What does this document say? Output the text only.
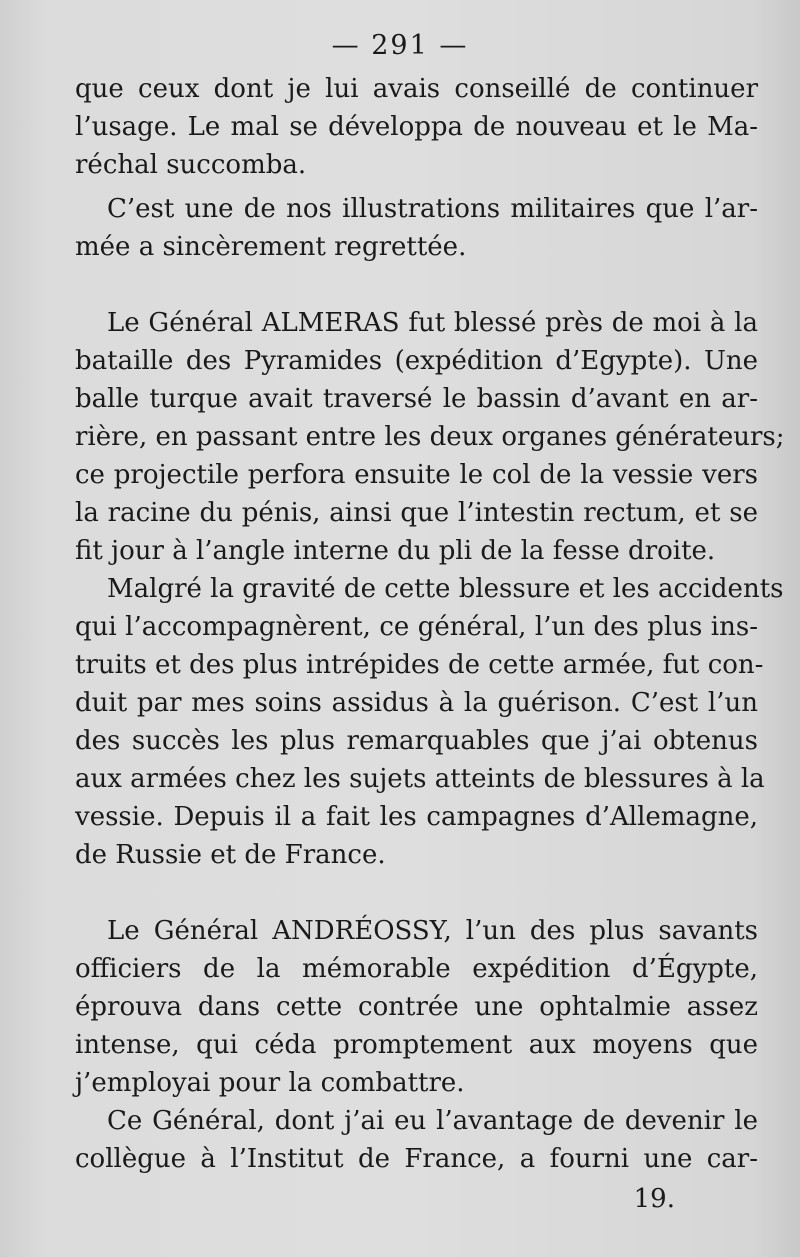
— 291 —
que ceux dont je lui avais conseillé de continuer
l’usage. Le mal se développa de nouveau et le Ma-
réchal succomba.
C’est une de nos illustrations militaires que l’ar-
mée a sincèrement regrettée.
Le Général ALMERAS fut blessé près de moi à la
bataille des Pyramides (expédition d’Egypte). Une
balle turque avait traversé le bassin d’avant en ar-
rière, en passant entre les deux organes générateurs;
ce projectile perfora ensuite le col de la vessie vers
la racine du pénis, ainsi que l’intestin rectum, et se
fit jour à l’angle interne du pli de la fesse droite.
Malgré la gravité de cette blessure et les accidents
qui l’accompagnèrent, ce général, l’un des plus ins-
truits et des plus intrépides de cette armée, fut con-
duit par mes soins assidus à la guérison. C’est l’un
des succès les plus remarquables que j’ai obtenus
aux armées chez les sujets atteints de blessures à la
vessie. Depuis il a fait les campagnes d’Allemagne,
de Russie et de France.
Le Général ANDRÉOSSY, l’un des plus savants
officiers de la mémorable expédition d’Égypte,
éprouva dans cette contrée une ophtalmie assez
intense, qui céda promptement aux moyens que
j’employai pour la combattre.
Ce Général, dont j’ai eu l’avantage de devenir le
collègue à l’Institut de France, a fourni une car-
19.
